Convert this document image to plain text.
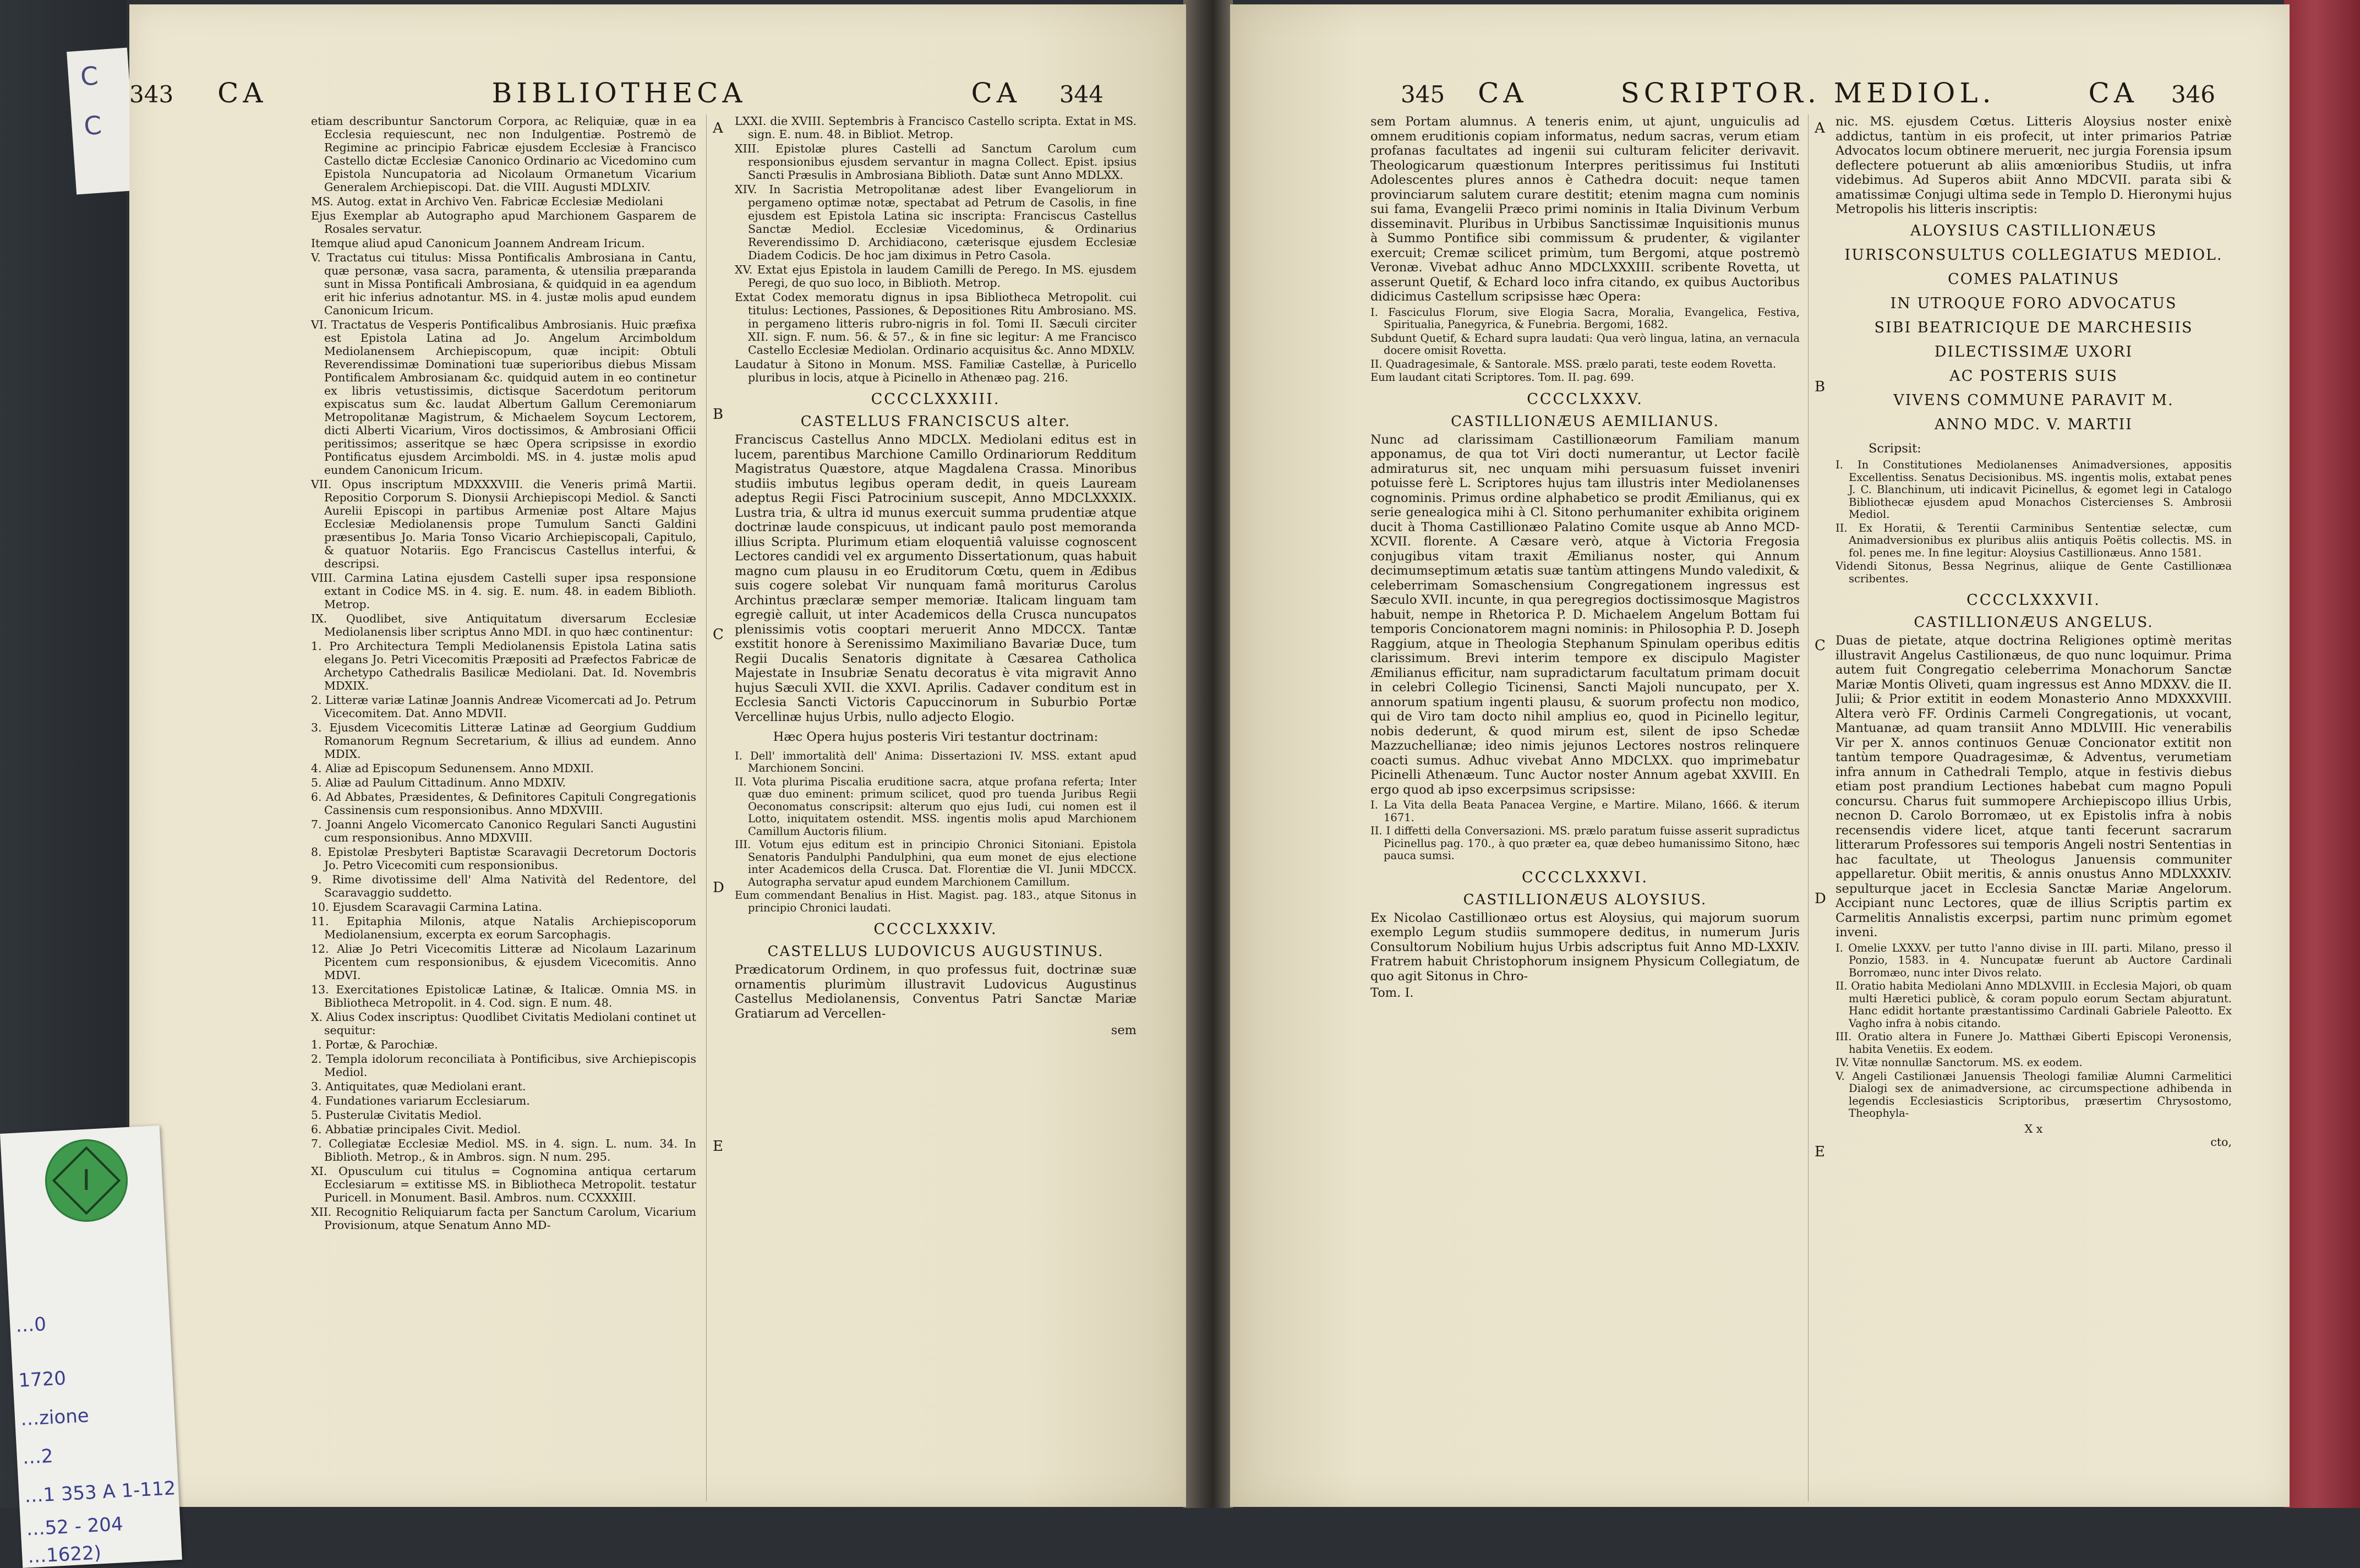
C
C
343 CA	BIBLIOTHECA	CA 344
A
B
C
D
E

etiam describuntur Sanctorum Corpora, ac Reliquiæ, quæ in ea Ecclesia requiescunt, nec non Indulgentiæ. Postremò de Regimine ac principio Fabricæ ejusdem Ecclesiæ à Francisco Castello dictæ Ecclesiæ Canonico Ordinario ac Vicedomino cum Epistola Nuncupatoria ad Nicolaum Ormanetum Vicarium Generalem Archiepiscopi. Dat. die VIII. Augusti MDLXIV.

MS. Autog. extat in Archivo Ven. Fabricæ Ecclesiæ Mediolani

Ejus Exemplar ab Autographo apud Marchionem Gasparem de Rosales servatur.

Itemque aliud apud Canonicum Joannem Andream Iricum.

V. Tractatus cui titulus: Missa Pontificalis Ambrosiana in Cantu, quæ personæ, vasa sacra, paramenta, & utensilia præparanda sunt in Missa Pontificali Ambrosiana, & quidquid in ea agendum erit hic inferius adnotantur. MS. in 4. justæ molis apud eundem Canonicum Iricum.

VI. Tractatus de Vesperis Pontificalibus Ambrosianis. Huic præfixa est Epistola Latina ad Jo. Angelum Arcimboldum Mediolanensem Archiepiscopum, quæ incipit: Obtuli Reverendissimæ Dominationi tuæ superioribus diebus Missam Pontificalem Ambrosianam &c. quidquid autem in eo continetur ex libris vetustissimis, dictisque Sacerdotum peritorum expiscatus sum &c. laudat Albertum Gallum Ceremoniarum Metropolitanæ Magistrum, & Michaelem Soycum Lectorem, dicti Alberti Vicarium, Viros doctissimos, & Ambrosiani Officii peritissimos; asseritque se hæc Opera scripsisse in exordio Pontificatus ejusdem Arcimboldi. MS. in 4. justæ molis apud eundem Canonicum Iricum.

VII. Opus inscriptum MDXXXVIII. die Veneris primâ Martii. Repositio Corporum S. Dionysii Archiepiscopi Mediol. & Sancti Aurelii Episcopi in partibus Armeniæ post Altare Majus Ecclesiæ Mediolanensis prope Tumulum Sancti Galdini præsentibus Jo. Maria Tonso Vicario Archiepiscopali, Capitulo, & quatuor Notariis. Ego Franciscus Castellus interfui, & descripsi.

VIII. Carmina Latina ejusdem Castelli super ipsa responsione extant in Codice MS. in 4. sig. E. num. 48. in eadem Biblioth. Metrop.

IX. Quodlibet, sive Antiquitatum diversarum Ecclesiæ Mediolanensis liber scriptus Anno MDI. in quo hæc continentur:

1. Pro Architectura Templi Mediolanensis Epistola Latina satis elegans Jo. Petri Vicecomitis Præpositi ad Præfectos Fabricæ de Archetypo Cathedralis Basilicæ Mediolani. Dat. Id. Novembris MDXIX.

2. Litteræ variæ Latinæ Joannis Andreæ Vicomercati ad Jo. Petrum Vicecomitem. Dat. Anno MDVII.

3. Ejusdem Vicecomitis Litteræ Latinæ ad Georgium Guddium Romanorum Regnum Secretarium, & illius ad eundem. Anno MDIX.

4. Aliæ ad Episcopum Sedunensem. Anno MDXII.

5. Aliæ ad Paulum Cittadinum. Anno MDXIV.

6. Ad Abbates, Præsidentes, & Definitores Capituli Congregationis Cassinensis cum responsionibus. Anno MDXVIII.

7. Joanni Angelo Vicomercato Canonico Regulari Sancti Augustini cum responsionibus. Anno MDXVIII.

8. Epistolæ Presbyteri Baptistæ Scaravagii Decretorum Doctoris Jo. Petro Vicecomiti cum responsionibus.

9. Rime divotissime dell' Alma Natività del Redentore, del Scaravaggio suddetto.

10. Ejusdem Scaravagii Carmina Latina.

11. Epitaphia Milonis, atque Natalis Archiepiscoporum Mediolanensium, excerpta ex eorum Sarcophagis.

12. Aliæ Jo Petri Vicecomitis Litteræ ad Nicolaum Lazarinum Picentem cum responsionibus, & ejusdem Vicecomitis. Anno MDVI.

13. Exercitationes Epistolicæ Latinæ, & Italicæ. Omnia MS. in Bibliotheca Metropolit. in 4. Cod. sign. E num. 48.

X. Alius Codex inscriptus: Quodlibet Civitatis Mediolani continet ut sequitur:

1. Portæ, & Parochiæ.

2. Templa idolorum reconciliata à Pontificibus, sive Archiepiscopis Mediol.

3. Antiquitates, quæ Mediolani erant.

4. Fundationes variarum Ecclesiarum.

5. Pusterulæ Civitatis Mediol.

6. Abbatiæ principales Civit. Mediol.

7. Collegiatæ Ecclesiæ Mediol. MS. in 4. sign. L. num. 34. In Biblioth. Metrop., & in Ambros. sign. N num. 295.

XI. Opusculum cui titulus = Cognomina antiqua certarum Ecclesiarum = extitisse MS. in Bibliotheca Metropolit. testatur Puricell. in Monument. Basil. Ambros. num. CCXXXIII.

XII. Recognitio Reliquiarum facta per Sanctum Carolum, Vicarium Provisionum, atque Senatum Anno MD-

LXXI. die XVIII. Septembris à Francisco Castello scripta. Extat in MS. sign. E. num. 48. in Bibliot. Metrop.

XIII. Epistolæ plures Castelli ad Sanctum Carolum cum responsionibus ejusdem servantur in magna Collect. Epist. ipsius Sancti Præsulis in Ambrosiana Biblioth. Datæ sunt Anno MDLXX.

XIV. In Sacristia Metropolitanæ adest liber Evangeliorum in pergameno optimæ notæ, spectabat ad Petrum de Casolis, in fine ejusdem est Epistola Latina sic inscripta: Franciscus Castellus Sanctæ Mediol. Ecclesiæ Vicedominus, & Ordinarius Reverendissimo D. Archidiacono, cæterisque ejusdem Ecclesiæ Diadem Codicis. De hoc jam diximus in Petro Casola.

XV. Extat ejus Epistola in laudem Camilli de Perego. In MS. ejusdem Peregi, de quo suo loco, in Biblioth. Metrop.

Extat Codex memoratu dignus in ipsa Bibliotheca Metropolit. cui titulus: Lectiones, Passiones, & Depositiones Ritu Ambrosiano. MS. in pergameno litteris rubro-nigris in fol. Tomi II. Sæculi circiter XII. sign. F. num. 56. & 57., & in fine sic legitur: A me Francisco Castello Ecclesiæ Mediolan. Ordinario acquisitus &c. Anno MDXLV.

Laudatur à Sitono in Monum. MSS. Familiæ Castellæ, à Puricello pluribus in locis, atque à Picinello in Athenæo pag. 216.

CCCCLXXXIII.
CASTELLUS FRANCISCUS alter.

Franciscus Castellus Anno MDCLX. Mediolani editus est in lucem, parentibus Marchione Camillo Ordinariorum Redditum Magistratus Quæstore, atque Magdalena Crassa. Minoribus studiis imbutus legibus operam dedit, in queis Lauream adeptus Regii Fisci Patrocinium suscepit, Anno MDCLXXXIX. Lustra tria, & ultra id munus exercuit summa prudentiæ atque doctrinæ laude conspicuus, ut indicant paulo post memoranda illius Scripta. Plurimum etiam eloquentiâ valuisse cognoscent Lectores candidi vel ex argumento Dissertationum, quas habuit magno cum plausu in eo Eruditorum Cœtu, quem in Ædibus suis cogere solebat Vir nunquam famâ moriturus Carolus Archintus præclaræ semper memoriæ. Italicam linguam tam egregiè calluit, ut inter Academicos della Crusca nuncupatos plenissimis votis cooptari meruerit Anno MDCCX. Tantæ exstitit honore à Serenissimo Maximiliano Bavariæ Duce, tum Regii Ducalis Senatoris dignitate à Cæsarea Catholica Majestate in Insubriæ Senatu decoratus è vita migravit Anno hujus Sæculi XVII. die XXVI. Aprilis. Cadaver conditum est in Ecclesia Sancti Victoris Capuccinorum in Suburbio Portæ Vercellinæ hujus Urbis, nullo adjecto Elogio.

Hæc Opera hujus posteris Viri testantur doctrinam:

I. Dell' immortalità dell' Anima: Dissertazioni IV. MSS. extant apud Marchionem Soncini.

II. Vota plurima Piscalia eruditione sacra, atque profana referta; Inter quæ duo eminent: primum scilicet, quod pro tuenda Juribus Regii Oeconomatus conscripsit: alterum quo ejus Iudi, cui nomen est il Lotto, iniquitatem ostendit. MSS. ingentis molis apud Marchionem Camillum Auctoris filium.

III. Votum ejus editum est in principio Chronici Sitoniani. Epistola Senatoris Pandulphi Pandulphini, qua eum monet de ejus electione inter Academicos della Crusca. Dat. Florentiæ die VI. Junii MDCCX. Autographa servatur apud eundem Marchionem Camillum.

Eum commendant Benalius in Hist. Magist. pag. 183., atque Sitonus in principio Chronici laudati.

CCCCLXXXIV.
CASTELLUS LUDOVICUS AUGUSTINUS.

Prædicatorum Ordinem, in quo professus fuit, doctrinæ suæ ornamentis plurimùm illustravit Ludovicus Augustinus Castellus Mediolanensis, Conventus Patri Sanctæ Mariæ Gratiarum ad Vercellen-

sem

345 CA	SCRIPTOR. MEDIOL.	CA 346
A
B
C
D
E

sem Portam alumnus. A teneris enim, ut ajunt, unguiculis ad omnem eruditionis copiam informatus, nedum sacras, verum etiam profanas facultates ad ingenii sui culturam feliciter derivavit. Theologicarum quæstionum Interpres peritissimus fui Instituti Adolescentes plures annos è Cathedra docuit: neque tamen provinciarum salutem curare destitit; etenim magna cum nominis sui fama, Evangelii Præco primi nominis in Italia Divinum Verbum disseminavit. Pluribus in Urbibus Sanctissimæ Inquisitionis munus à Summo Pontifice sibi commissum & prudenter, & vigilanter exercuit; Cremæ scilicet primùm, tum Bergomi, atque postremò Veronæ. Vivebat adhuc Anno MDCLXXXIII. scribente Rovetta, ut asserunt Quetif, & Echard loco infra citando, ex quibus Auctoribus didicimus Castellum scripsisse hæc Opera:

I. Fasciculus Florum, sive Elogia Sacra, Moralia, Evangelica, Festiva, Spiritualia, Panegyrica, & Funebria. Bergomi, 1682.

Subdunt Quetif, & Echard supra laudati: Qua verò lingua, latina, an vernacula docere omisit Rovetta.

II. Quadragesimale, & Santorale. MSS. prælo parati, teste eodem Rovetta.

Eum laudant citati Scriptores. Tom. II. pag. 699.

CCCCLXXXV.
CASTILLIONÆUS AEMILIANUS.

Nunc ad clarissimam Castillionæorum Familiam manum apponamus, de qua tot Viri docti numerantur, ut Lector facilè admiraturus sit, nec unquam mihi persuasum fuisset inveniri potuisse ferè L. Scriptores hujus tam illustris inter Mediolanenses cognominis. Primus ordine alphabetico se prodit Æmilianus, qui ex serie genealogica mihi à Cl. Sitono perhumaniter exhibita originem ducit à Thoma Castillionæo Palatino Comite usque ab Anno MCD-XCVII. florente. A Cæsare verò, atque à Victoria Fregosia conjugibus vitam traxit Æmilianus noster, qui Annum decimumseptimum ætatis suæ tantùm attingens Mundo valedixit, & celeberrimam Somaschensium Congregationem ingressus est Sæculo XVII. incunte, in qua peregregios doctissimosque Magistros habuit, nempe in Rhetorica P. D. Michaelem Angelum Bottam fui temporis Concionatorem magni nominis: in Philosophia P. D. Joseph Raggium, atque in Theologia Stephanum Spinulam operibus editis clarissimum. Brevi interim tempore ex discipulo Magister Æmilianus efficitur, nam supradictarum facultatum primam docuit in celebri Collegio Ticinensi, Sancti Majoli nuncupato, per X. annorum spatium ingenti plausu, & suorum profectu non modico, qui de Viro tam docto nihil amplius eo, quod in Picinello legitur, nobis dederunt, & quod mirum est, silent de ipso Schedæ Mazzuchellianæ; ideo nimis jejunos Lectores nostros relinquere coacti sumus. Adhuc vivebat Anno MDCLXX. quo imprimebatur Picinelli Athenæum. Tunc Auctor noster Annum agebat XXVIII. En ergo quod ab ipso excerpsimus scripsisse:

I. La Vita della Beata Panacea Vergine, e Martire. Milano, 1666. & iterum 1671.

II. I diffetti della Conversazioni. MS. prælo paratum fuisse asserit supradictus Picinellus pag. 170., à quo præter ea, quæ debeo humanissimo Sitono, hæc pauca sumsi.

CCCCLXXXVI.
CASTILLIONÆUS ALOYSIUS.

Ex Nicolao Castillionæo ortus est Aloysius, qui majorum suorum exemplo Legum studiis summopere deditus, in numerum Juris Consultorum Nobilium hujus Urbis adscriptus fuit Anno MD-LXXIV. Fratrem habuit Christophorum insignem Physicum Collegiatum, de quo agit Sitonus in Chro-

Tom. I.

nic. MS. ejusdem Cœtus. Litteris Aloysius noster enixè addictus, tantùm in eis profecit, ut inter primarios Patriæ Advocatos locum obtinere meruerit, nec jurgia Forensia ipsum deflectere potuerunt ab aliis amœnioribus Studiis, ut infra videbimus. Ad Superos abiit Anno MDCVII. parata sibi & amatissimæ Conjugi ultima sede in Templo D. Hieronymi hujus Metropolis his litteris inscriptis:

ALOYSIUS CASTILLIONÆUS
IURISCONSULTUS COLLEGIATUS MEDIOL.
COMES PALATINUS
IN UTROQUE FORO ADVOCATUS
SIBI BEATRICIQUE DE MARCHESIIS
DILECTISSIMÆ UXORI
AC POSTERIS SUIS
VIVENS COMMUNE PARAVIT M.
ANNO MDC. V. MARTII

Scripsit:

I. In Constitutiones Mediolanenses Animadversiones, appositis Excellentiss. Senatus Decisionibus. MS. ingentis molis, extabat penes J. C. Blanchinum, uti indicavit Picinellus, & egomet legi in Catalogo Bibliothecæ ejusdem apud Monachos Cistercienses S. Ambrosii Mediol.

II. Ex Horatii, & Terentii Carminibus Sententiæ selectæ, cum Animadversionibus ex pluribus aliis antiquis Poëtis collectis. MS. in fol. penes me. In fine legitur: Aloysius Castillionæus. Anno 1581.

Videndi Sitonus, Bessa Negrinus, aliique de Gente Castillionæa scribentes.

CCCCLXXXVII.
CASTILLIONÆUS ANGELUS.

Duas de pietate, atque doctrina Religiones optimè meritas illustravit Angelus Castilionæus, de quo nunc loquimur. Prima autem fuit Congregatio celeberrima Monachorum Sanctæ Mariæ Montis Oliveti, quam ingressus est Anno MDXXV. die II. Julii; & Prior extitit in eodem Monasterio Anno MDXXXVIII. Altera verò FF. Ordinis Carmeli Congregationis, ut vocant, Mantuanæ, ad quam transiit Anno MDLVIII. Hic venerabilis Vir per X. annos continuos Genuæ Concionator extitit non tantùm tempore Quadragesimæ, & Adventus, verumetiam infra annum in Cathedrali Templo, atque in festivis diebus etiam post prandium Lectiones habebat cum magno Populi concursu. Charus fuit summopere Archiepiscopo illius Urbis, necnon D. Carolo Borromæo, ut ex Epistolis infra à nobis recensendis videre licet, atque tanti fecerunt sacrarum litterarum Professores sui temporis Angeli nostri Sententias in hac facultate, ut Theologus Januensis communiter appellaretur. Obiit meritis, & annis onustus Anno MDLXXXIV. sepulturque jacet in Ecclesia Sanctæ Mariæ Angelorum. Accipiant nunc Lectores, quæ de illius Scriptis partim ex Carmelitis Annalistis excerpsi, partim nunc primùm egomet inveni.

I. Omelie LXXXV. per tutto l'anno divise in III. parti. Milano, presso il Ponzio, 1583. in 4. Nuncupatæ fuerunt ab Auctore Cardinali Borromæo, nunc inter Divos relato.

II. Oratio habita Mediolani Anno MDLXVIII. in Ecclesia Majori, ob quam multi Hæretici publicè, & coram populo eorum Sectam abjuratunt. Hanc edidit hortante præstantissimo Cardinali Gabriele Paleotto. Ex Vagho infra à nobis citando.

III. Oratio altera in Funere Jo. Matthæi Giberti Episcopi Veronensis, habita Venetiis. Ex eodem.

IV. Vitæ nonnullæ Sanctorum. MS. ex eodem.

V. Angeli Castilionæi Januensis Theologi familiæ Alumni Carmelitici Dialogi sex de animadversione, ac circumspectione adhibenda in legendis Ecclesiasticis Scriptoribus, præsertim Chrysostomo, Theophyla-

X x

cto,

…0
1720
…zione
…2
…1 353 A 1-112
…52 - 204
…1622)
I
